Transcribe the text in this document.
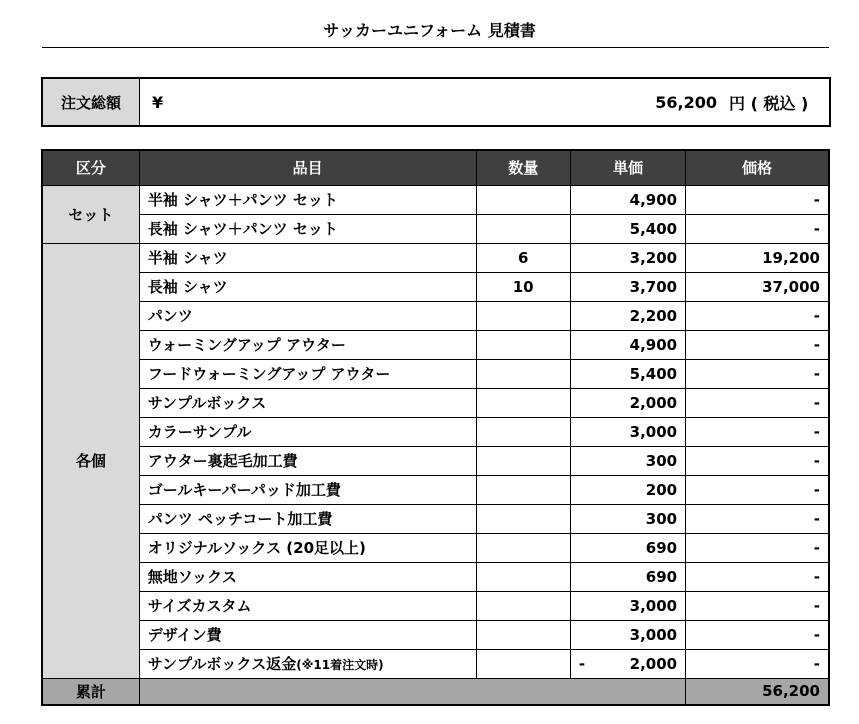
サッカーユニフォーム 見積書
注文総額	¥	56,200 円 ( 税込 )
区分	品目	数量	単価	価格
セット	半袖 シャツ＋パンツ セット		4,900	-
	長袖 シャツ＋パンツ セット		5,400	-
各個	半袖 シャツ	6	3,200	19,200
	長袖 シャツ	10	3,700	37,000
	パンツ		2,200	-
	ウォーミングアップ アウター		4,900	-
	フードウォーミングアップ アウター		5,400	-
	サンプルボックス		2,000	-
	カラーサンプル		3,000	-
	アウター裏起毛加工費		300	-
	ゴールキーパーパッド加工費		200	-
	パンツ ペッチコート加工費		300	-
	オリジナルソックス (20足以上)		690	-
	無地ソックス		690	-
	サイズカスタム		3,000	-
	デザイン費		3,000	-
	サンプルボックス返金(※11着注文時)		- 2,000	-
累計				56,200
